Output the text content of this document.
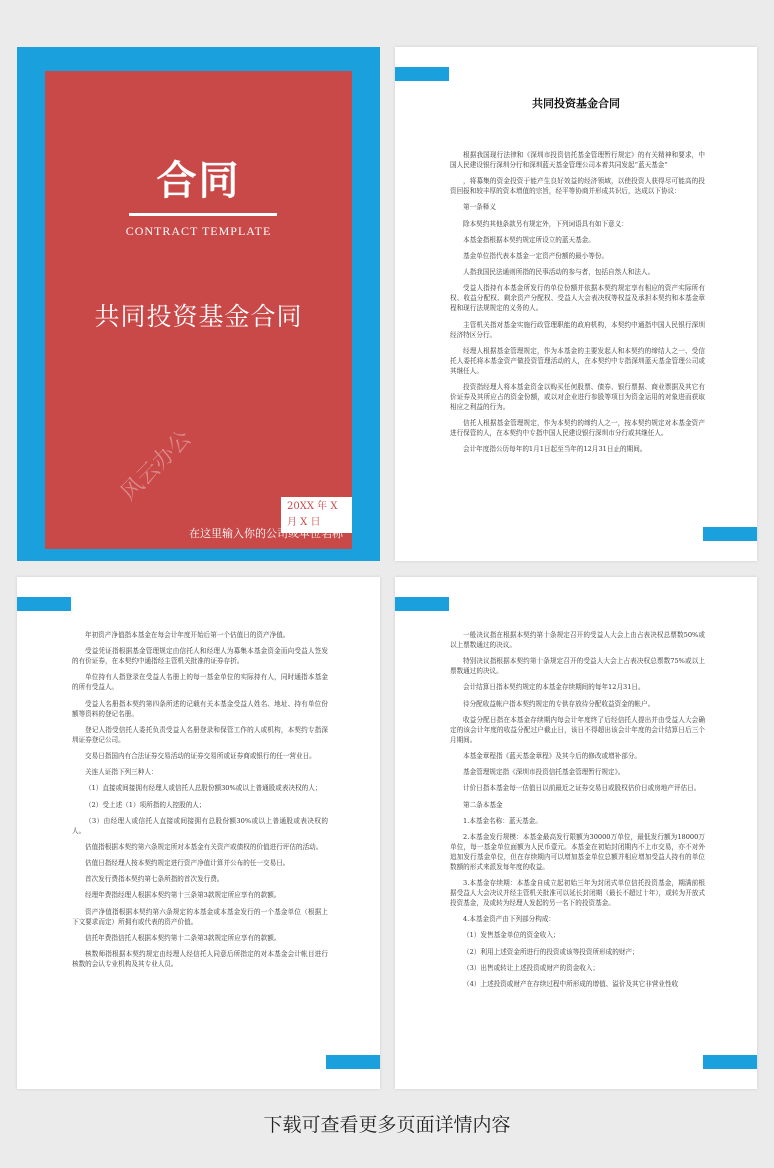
合同
CONTRACT TEMPLATE
共同投资基金合同
风云办公
20XX 年 X 月 X 日
在这里输入你的公司或单位名称
共同投资基金合同

根据我国现行法律和《深圳市投资信托基金管理暂行规定》的有关精神和要求，中国人民建设银行深圳分行和深圳蓝天基金管理公司本着共同发起“蓝天基金”

，将募集的资金投资于能产生良好效益的经济领域，以使投资人获得尽可能高的投资回报和较丰厚的资本增值的宗旨，经平等协商并形成共识后，达成以下协议：

第一条释义

除本契约其他条款另有规定外，下列词语具有如下意义：

本基金指根据本契约规定所设立的蓝天基金。

基金单位指代表本基金一定资产份额的最小等份。

人指我国民法通则所指的民事活动的参与者，包括自然人和法人。

受益人指持有本基金所发行的单位份额并依据本契约规定享有相应的资产实际所有权、收益分配权、剩余资产分配权、受益人大会表决权等权益及承担本契约和本基金章程和现行法规规定的义务的人。

主管机关指对基金实施行政管理职能的政府机构，本契约中通指中国人民银行深圳经济特区分行。

经理人根据基金管理规定，作为本基金的主要发起人和本契约的缔结人之一、受信托人委托将本基金资产做投资管理活动的人，在本契约中专指深圳蓝天基金管理公司或其继任人。

投资指经理人将本基金资金以购买任何股票、债券、银行票据、商业票据及其它有价证券及其所应占的资金份额，或以对企业进行参股等项目为资金运用的对象进而获取相应之利益的行为。

信托人根据基金管理规定，作为本契约的缔约人之一，按本契约规定对本基金资产进行保管的人，在本契约中专指中国人民建设银行深圳市分行或其继任人。

会计年度指公历每年的1月1日起至当年的12月31日止的期间。

年初资产净值指本基金在每会计年度开始后第一个估值日的资产净值。

受益凭证指根据基金管理规定由信托人和经理人为募集本基金资金而向受益人签发的有价证券，在本契约中通指经主管机关批准的证券存折。

单位持有人指登录在受益人名册上的每一基金单位的实际持有人，同时通指本基金的所有受益人。

受益人名册指本契约第四条所述的记载有关本基金受益人姓名、地址、持有单位份额等资料的登记名册。

登记人指受信托人委托负责受益人名册登录和保管工作的人或机构，本契约专指深圳证券登记公司。

交易日指国内有合法证券交易活动的证券交易所或证券商或银行的任一营业日。

关连人证指下列三种人：

（1）直接或间接拥有经理人或信托人总股份额30%或以上普通股或表决权的人；

（2）受上述（1）项所指的人控股的人；

（3）由经理人或信托人直接或间接拥有总股份额30%或以上普通股或表决权的人。

估值指根据本契约第六条规定所对本基金有关资产或债权的价值进行评估的活动。

估值日指经理人按本契约规定进行资产净值计算并公布的任一交易日。

首次发行费指本契约第七条所指的首次发行费。

经理年费指经理人根据本契约第十三条第3款规定所应享有的款额。

资产净值指根据本契约第六条规定的本基金或本基金发行的一个基金单位（根据上下文要求而定）所拥有或代表的资产价值。

信托年费指信托人根据本契约第十二条第3款规定所应享有的款额。

核数师指根据本契约规定由经理人经信托人同意后所指定的对本基金会计帐目进行核数的会认专业机构及其专业人员。

一般决议指在根据本契约第十条规定召开的受益人大会上由占表决权总票数50%或以上票数通过的决议。

特别决议指根据本契约第十条规定召开的受益人大会上占表决权总票数75%或以上票数通过的决议。

会计结算日指本契约规定的本基金存续期间的每年12月31日。

待分配收益帐户指本契约规定的专供存放待分配收益资金的帐户。

收益分配日指在本基金存续期内每会计年度终了后经信托人提出并由受益人大会确定的该会计年度的收益分配过户截止日，该日不得超出该会计年度的会计结算日后三个月期间。

本基金章程指《蓝天基金章程》及其今后的修改或增补部分。

基金管理规定指《深圳市投资信托基金管理暂行规定》。

计价日指本基金每一估值日以前最近之证券交易日或股权估价日或房地产评估日。

第二条本基金

1.本基金名称：蓝天基金。

2.本基金发行规模：本基金最高发行限额为30000万单位，最低发行额为18000万单位，每一基金单位面额为人民币壹元。本基金在初始封闭期内不上市交易，亦不对外追加发行基金单位，但在存续期内可以增加基金单位总额并相应增加受益人持有的单位数额的形式来派发每年度的收益。

3.本基金存续期：本基金自成立起初始三年为封闭式单位信托投资基金，期满前根据受益人大会决议并经主管机关批准可以延长封闭期（最长不超过十年），或转为开放式投资基金，及或转为经理人发起的另一名下的投资基金。

4.本基金资产由下列部分构成：

（1）发售基金单位的资金收入；

（2）利用上述资金所进行的投资或该等投资所形成的财产；

（3）出售或转让上述投资或财产的资金收入；

（4）上述投资或财产在存续过程中所形成的增值、溢价及其它非营业性收

下载可查看更多页面详情内容
